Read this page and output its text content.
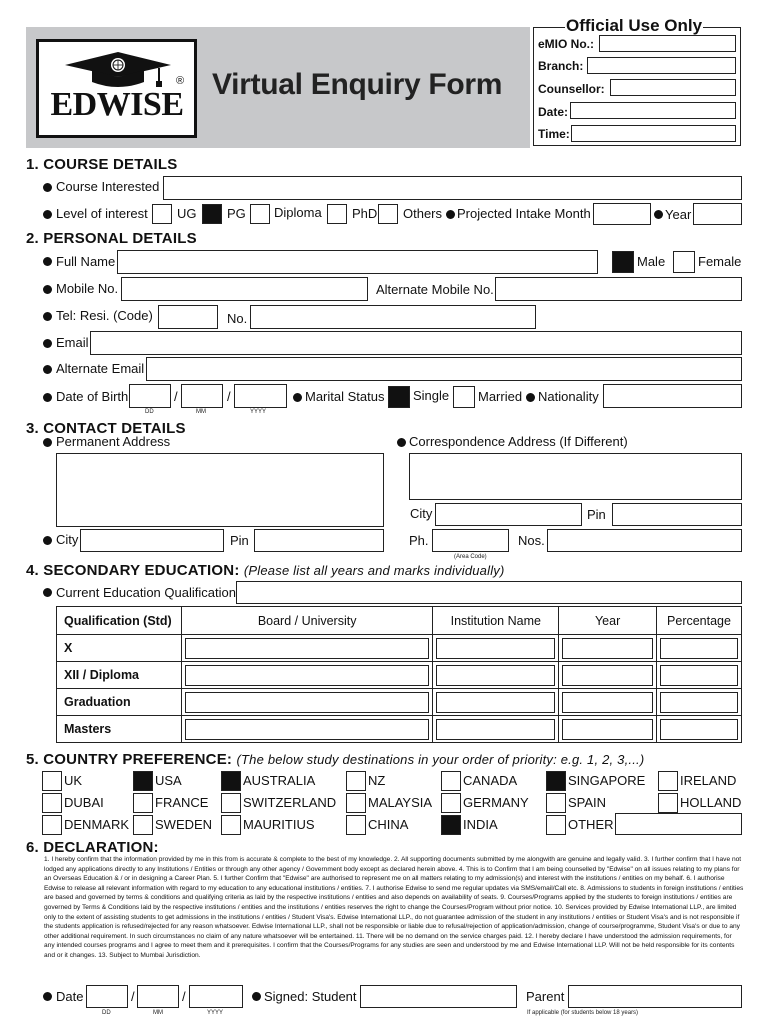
®
EDWISE
Virtual Enquiry Form
Official Use Only
eMIO No.:
Branch:
Counsellor:
Date:
Time:
1. COURSE DETAILS
Course Interested
Level of interest UG PG Diploma PhD Others Projected Intake Month	Year
2. PERSONAL DETAILS
Full Name	Male	Female
Mobile No.	Alternate Mobile No.
Tel: Resi. (Code)	No.
Email
Alternate Email
Date of Birth	/	/
DD	MM	YYYY
Marital Status Single Married Nationality
3. CONTACT DETAILS
Permanent Address	Correspondence Address (If Different)
City	Pin
City	Pin	Ph.
(Area Code)
Nos.
4. SECONDARY EDUCATION: (Please list all years and marks individually)
Current Education Qualification
Qualification (Std)	Board / University	Institution Name	Year	Percentage
X	

XII / Diploma	

Graduation	

Masters	

5. COUNTRY PREFERENCE: (The below study destinations in your order of priority: e.g. 1, 2, 3,...)
UK	USA	AUSTRALIA	NZ	CANADA	SINGAPORE	IRELAND
DUBAI	FRANCE	SWITZERLAND MALAYSIA GERMANY	SPAIN	HOLLAND
DENMARK SWEDEN MAURITIUS	CHINA	INDIA	OTHER
6. DECLARATION:
1. I hereby confirm that the information provided by me in this from is accurate & complete to the best of my knowledge. 2. All supporting documents submitted by me alongwith are genuine and legally valid. 3. I further confirm that I have not lodged any applications directly to any Institutions / Entities or through any other agency / Government body except as declared herein above. 4. This is to Confirm that I am being counselled by "Edwise" on all issues relating to my plans for an Overseas Education & / or in designing a Career Plan. 5. I further Confirm that "Edwise" are authorised to represent me on all matters relating to my admission(s) and interest with the institutions / entities on my behalf. 6. I authorise Edwise to release all relevant information with regard to my education to any educational institutions / entities. 7. I authorise Edwise to send me regular updates via SMS/email/Call etc. 8. Admissions to students in foreign institutions / entities are based and governed by terms & conditions and qualifying criteria as laid by the respective institutions / entities and also depends on availability of seats. 9. Courses/Programs applied by the students to foreign institutions / entities are governed by Terms & Conditions laid by the respective institutions / entities and the institutions / entities reserves the right to change the Courses/Program without prior notice. 10. Services provided by Edwise International LLP., are limited only to the extent of assisting students to get admissions in the institutions / entities / Student Visa's. Edwise International LLP., do not guarantee admission of the student in any institutions / entities or Student Visa's and is not responsible if the students application is refused/rejected for any reason whatsoever. Edwise International LLP., shall not be responsible or liable due to refusal/rejection of application/admission, change of course/programme, Student Visa's or due to any other additional requirement. In such circumstances no claim of any nature whatsoever will be entertained. 11. There will be no demand on the service charges paid. 12. I hereby declare I have understood the admission requirements, for any intended courses programs and I agree to meet them and it prerequisites. I confirm that the Courses/Programs for any studies are seen and understood by me and Edwise International LLP. Will not be held responsible for its contents and or it changes. 13. Subject to Mumbai Jurisdiction.
Date	/	/
DD	MM	YYYY
Signed: Student	Parent
If applicable (for students below 18 years)
